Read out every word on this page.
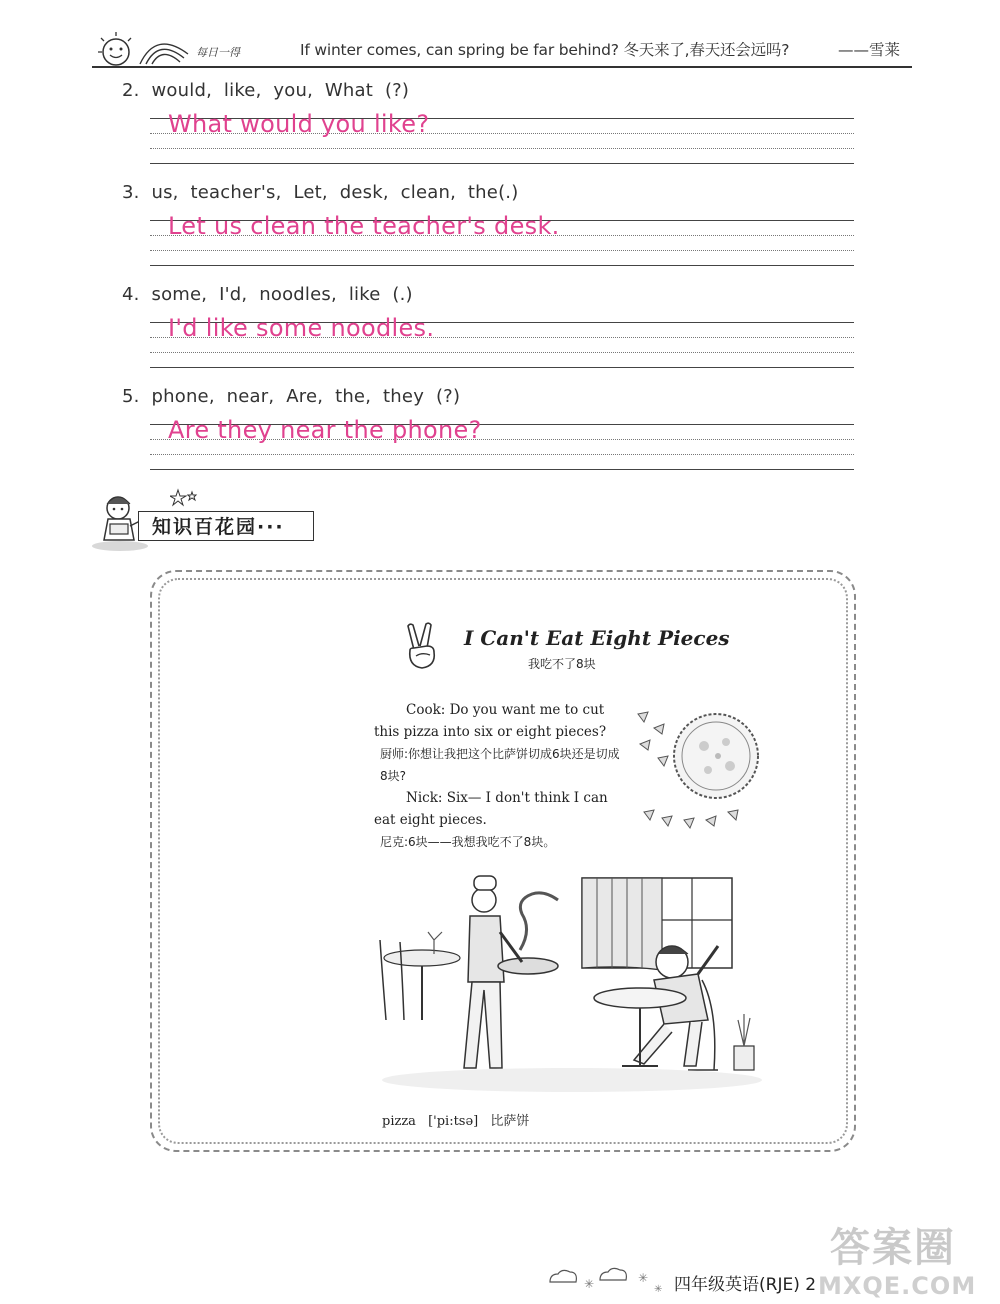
每日一得	If winter comes, can spring be far behind? 冬天来了,春天还会远吗?	——雪莱
2. would, like, you, What (?)
What would you like?
3. us, teacher's, Let, desk, clean, the(.)
Let us clean the teacher's desk.
4. some, I'd, noodles, like (.)
I'd like some noodles.
5. phone, near, Are, the, they (?)
Are they near the phone?
知识百花园···
I Can't Eat Eight Pieces
我吃不了8块
Cook: Do you want me to cut this pizza into six or eight pieces?
厨师:你想让我把这个比萨饼切成6块还是切成8块?
Nick: Six— I don't think I can eat eight pieces.
尼克:6块——我想我吃不了8块。
pizza ['pi:tsə] 比萨饼
✳	✳
✳ 四年级英语(RJE) 2
答案圈
MXQE.COM
